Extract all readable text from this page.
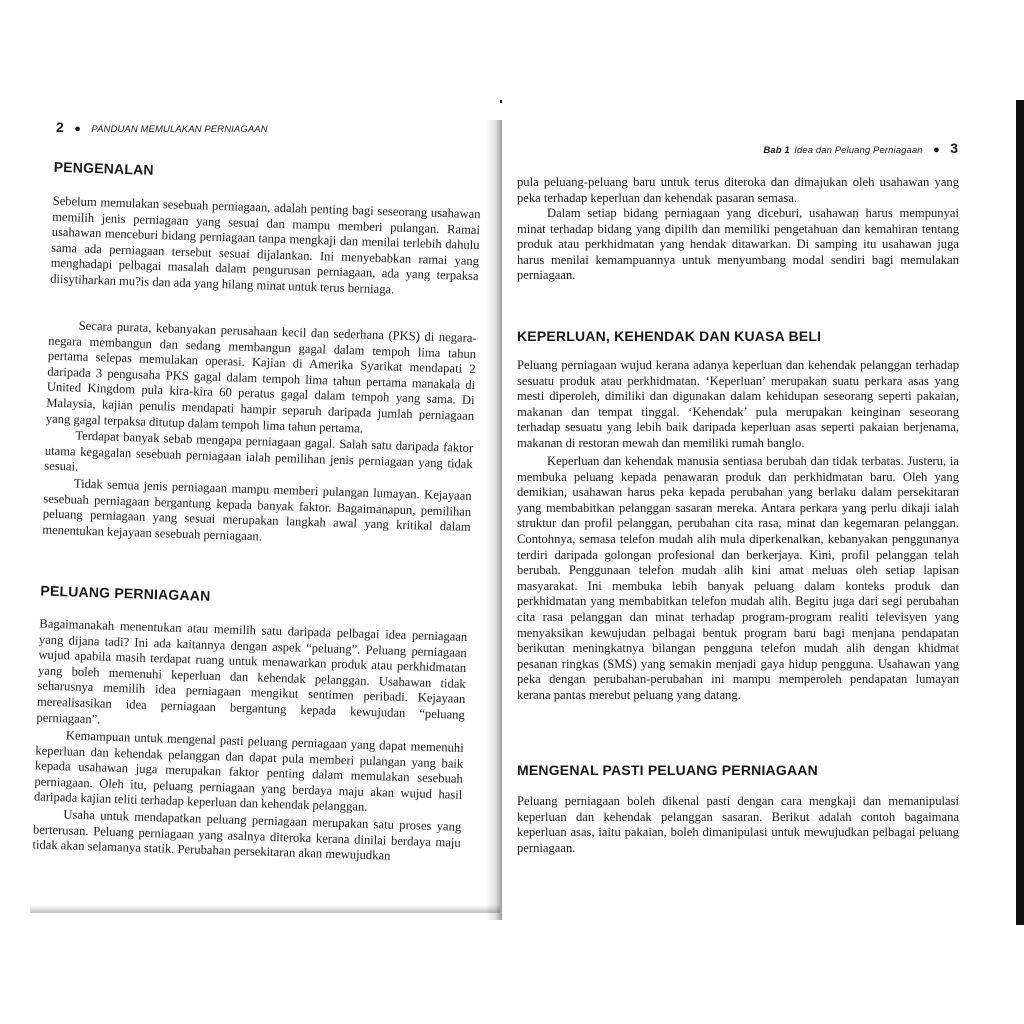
2 ● PANDUAN MEMULAKAN PERNIAGAAN
PENGENALAN

Sebelum memulakan sesebuah perniagaan, adalah penting bagi seseorang usahawan memilih jenis perniagaan yang sesuai dan mampu memberi pulangan. Ramai usahawan menceburi bidang perniagaan tanpa mengkaji dan menilai terlebih dahulu sama ada perniagaan tersebut sesuai dijalankan. Ini menyebabkan ramai yang menghadapi pelbagai masalah dalam pengurusan perniagaan, ada yang terpaksa diisytiharkan mu?is dan ada yang hilang minat untuk terus berniaga.

Secara purata, kebanyakan perusahaan kecil dan sederhana (PKS) di negara-negara membangun dan sedang membangun gagal dalam tempoh lima tahun pertama selepas memulakan operasi. Kajian di Amerika Syarikat mendapati 2 daripada 3 pengusaha PKS gagal dalam tempoh lima tahun pertama manakala di United Kingdom pula kira-kira 60 peratus gagal dalam tempoh yang sama. Di Malaysia, kajian penulis mendapati hampir separuh daripada jumlah perniagaan yang gagal terpaksa ditutup dalam tempoh lima tahun pertama.

Terdapat banyak sebab mengapa perniagaan gagal. Salah satu daripada faktor utama kegagalan sesebuah perniagaan ialah pemilihan jenis perniagaan yang tidak sesuai.

Tidak semua jenis perniagaan mampu memberi pulangan lumayan. Kejayaan sesebuah perniagaan bergantung kepada banyak faktor. Bagaimanapun, pemilihan peluang perniagaan yang sesuai merupakan langkah awal yang kritikal dalam menentukan kejayaan sesebuah perniagaan.

PELUANG PERNIAGAAN

Bagaimanakah menentukan atau memilih satu daripada pelbagai idea perniagaan yang dijana tadi? Ini ada kaitannya dengan aspek “peluang”. Peluang perniagaan wujud apabila masih terdapat ruang untuk menawarkan produk atau perkhidmatan yang boleh memenuhi keperluan dan kehendak pelanggan. Usahawan tidak seharusnya memilih idea perniagaan mengikut sentimen peribadi. Kejayaan merealisasikan idea perniagaan bergantung kepada kewujudan “peluang perniagaan”.

Kemampuan untuk mengenal pasti peluang perniagaan yang dapat memenuhi keperluan dan kehendak pelanggan dan dapat pula memberi pulangan yang baik kepada usahawan juga merupakan faktor penting dalam memulakan sesebuah perniagaan. Oleh itu, peluang perniagaan yang berdaya maju akan wujud hasil daripada kajian teliti terhadap keperluan dan kehendak pelanggan.

Usaha untuk mendapatkan peluang perniagaan merupakan satu proses yang berterusan. Peluang perniagaan yang asalnya diteroka kerana dinilai berdaya maju tidak akan selamanya statik. Perubahan persekitaran akan mewujudkan

Bab 1 Idea dan Peluang Perniagaan ● 3

pula peluang-peluang baru untuk terus diteroka dan dimajukan oleh usahawan yang peka terhadap keperluan dan kehendak pasaran semasa.

Dalam setiap bidang perniagaan yang diceburi, usahawan harus mempunyai minat terhadap bidang yang dipilih dan memiliki pengetahuan dan kemahiran tentang produk atau perkhidmatan yang hendak ditawarkan. Di samping itu usahawan juga harus menilai kemampuannya untuk menyumbang modal sendiri bagi memulakan perniagaan.

KEPERLUAN, KEHENDAK DAN KUASA BELI

Peluang perniagaan wujud kerana adanya keperluan dan kehendak pelanggan terhadap sesuatu produk atau perkhidmatan. ‘Keperluan’ merupakan suatu perkara asas yang mesti diperoleh, dimiliki dan digunakan dalam kehidupan seseorang seperti pakaian, makanan dan tempat tinggal. ‘Kehendak’ pula merupakan keinginan seseorang terhadap sesuatu yang lebih baik daripada keperluan asas seperti pakaian berjenama, makanan di restoran mewah dan memiliki rumah banglo.

Keperluan dan kehendak manusia sentiasa berubah dan tidak terbatas. Justeru, ia membuka peluang kepada penawaran produk dan perkhidmatan baru. Oleh yang demikian, usahawan harus peka kepada perubahan yang berlaku dalam persekitaran yang membabitkan pelanggan sasaran mereka. Antara perkara yang perlu dikaji ialah struktur dan profil pelanggan, perubahan cita rasa, minat dan kegemaran pelanggan. Contohnya, semasa telefon mudah alih mula diperkenalkan, kebanyakan penggunanya terdiri daripada golongan profesional dan berkerjaya. Kini, profil pelanggan telah berubah. Penggunaan telefon mudah alih kini amat meluas oleh setiap lapisan masyarakat. Ini membuka lebih banyak peluang dalam konteks produk dan perkhidmatan yang membabitkan telefon mudah alih. Begitu juga dari segi perubahan cita rasa pelanggan dan minat terhadap program-program realiti televisyen yang menyaksikan kewujudan pelbagai bentuk program baru bagi menjana pendapatan berikutan meningkatnya bilangan pengguna telefon mudah alih dengan khidmat pesanan ringkas (SMS) yang semakin menjadi gaya hidup pengguna. Usahawan yang peka dengan perubahan-perubahan ini mampu memperoleh pendapatan lumayan kerana pantas merebut peluang yang datang.

MENGENAL PASTI PELUANG PERNIAGAAN

Peluang perniagaan boleh dikenal pasti dengan cara mengkaji dan memanipulasi keperluan dan kehendak pelanggan sasaran. Berikut adalah contoh bagaimana keperluan asas, iaitu pakaian, boleh dimanipulasi untuk mewujudkan pelbagai peluang perniagaan.
